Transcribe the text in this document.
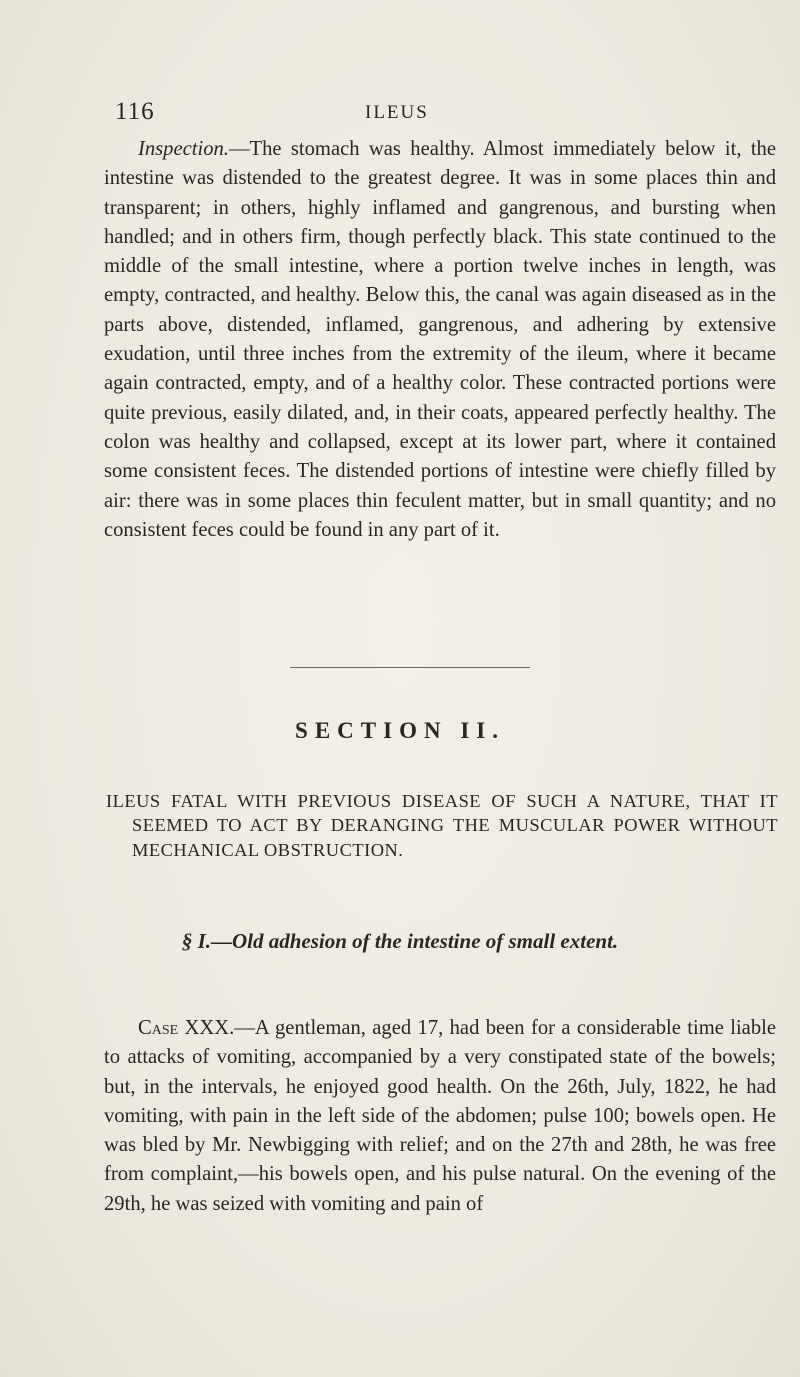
116	ILEUS

Inspection.—The stomach was healthy. Almost immediately below it, the intestine was distended to the greatest degree. It was in some places thin and transparent; in others, highly inflamed and gangrenous, and bursting when handled; and in others firm, though perfectly black. This state continued to the middle of the small intestine, where a portion twelve inches in length, was empty, contracted, and healthy. Below this, the canal was again diseased as in the parts above, distended, inflamed, gangrenous, and adhering by extensive exudation, until three inches from the extremity of the ileum, where it became again contracted, empty, and of a healthy color. These contracted portions were quite previous, easily dilated, and, in their coats, appeared perfectly healthy. The colon was healthy and collapsed, except at its lower part, where it contained some consistent feces. The distended portions of intestine were chiefly filled by air: there was in some places thin feculent matter, but in small quantity; and no consistent feces could be found in any part of it.

SECTION II.

ILEUS FATAL WITH PREVIOUS DISEASE OF SUCH A NATURE, THAT IT SEEMED TO ACT BY DERANGING THE MUSCULAR POWER WITHOUT MECHANICAL OBSTRUCTION.

§ I.—Old adhesion of the intestine of small extent.

Case XXX.—A gentleman, aged 17, had been for a considerable time liable to attacks of vomiting, accompanied by a very constipated state of the bowels; but, in the intervals, he enjoyed good health. On the 26th, July, 1822, he had vomiting, with pain in the left side of the abdomen; pulse 100; bowels open. He was bled by Mr. Newbigging with relief; and on the 27th and 28th, he was free from complaint,—his bowels open, and his pulse natural. On the evening of the 29th, he was seized with vomiting and pain of
